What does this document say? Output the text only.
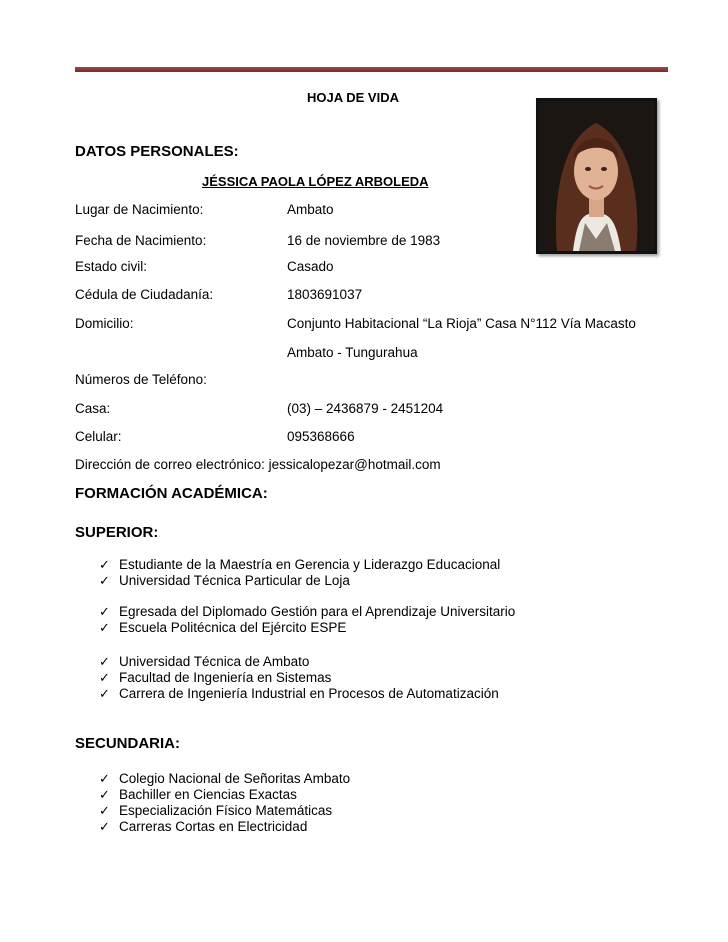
HOJA DE VIDA
DATOS PERSONALES:
JÉSSICA PAOLA LÓPEZ ARBOLEDA
Lugar de Nacimiento:	Ambato
Fecha de Nacimiento:	16 de noviembre de 1983
Estado civil:	Casado
Cédula de Ciudadanía:	1803691037
Domicilio:	Conjunto Habitacional “La Rioja” Casa N°112 Vía Macasto
Ambato - Tungurahua
Números de Teléfono:
Casa:	(03) – 2436879 - 2451204
Celular:	095368666
Dirección de correo electrónico: jessicalopezar@hotmail.com
FORMACIÓN ACADÉMICA:
SUPERIOR:
✓ Estudiante de la Maestría en Gerencia y Liderazgo Educacional
✓ Universidad Técnica Particular de Loja
✓ Egresada del Diplomado Gestión para el Aprendizaje Universitario
✓ Escuela Politécnica del Ejército ESPE
✓ Universidad Técnica de Ambato
✓ Facultad de Ingeniería en Sistemas
✓ Carrera de Ingeniería Industrial en Procesos de Automatización
SECUNDARIA:
✓ Colegio Nacional de Señoritas Ambato
✓ Bachiller en Ciencias Exactas
✓ Especialización Físico Matemáticas
✓ Carreras Cortas en Electricidad
